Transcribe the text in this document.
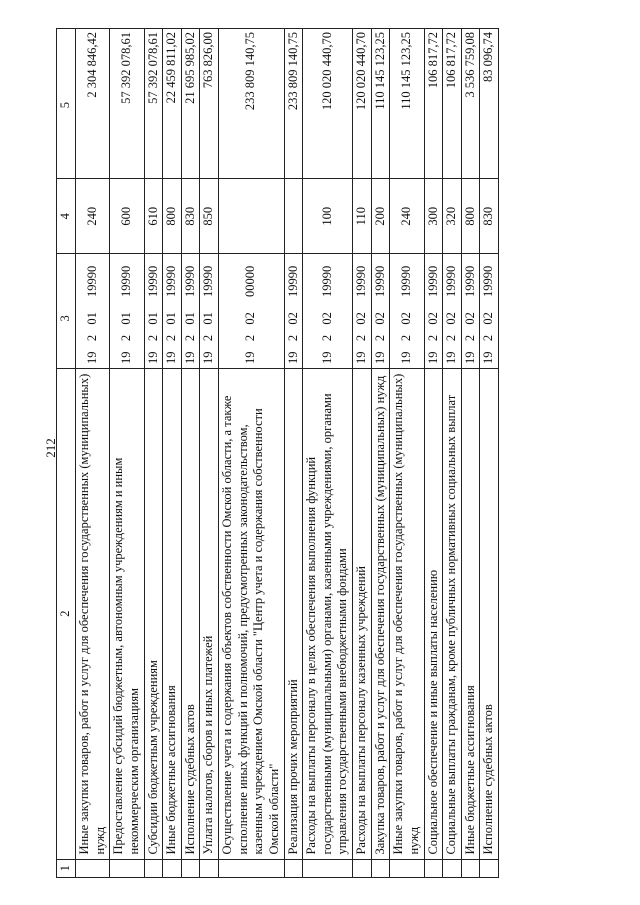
212
1	2			3		4	5
	Иные закупки товаров, работ и услуг для обеспечения государственных (муниципальных) нужд	19	2	01	19990	240	2 304 846,42
	Предоставление субсидий бюджетным, автономным учреждениям и иным некоммерческим организациям	19	2	01	19990	600	57 392 078,61
	Субсидии бюджетным учреждениям	19	2	01	19990	610	57 392 078,61
	Иные бюджетные ассигнования	19	2	01	19990	800	22 459 811,02
	Исполнение судебных актов	19	2	01	19990	830	21 695 985,02
	Уплата налогов, сборов и иных платежей	19	2	01	19990	850	763 826,00
	Осуществление учета и содержания объектов собственности Омской области, а также исполнение иных функций и полномочий, предусмотренных законодательством, казенным учреждением Омской области "Центр учета и содержания собственности Омской области"	19	2	02	00000		233 809 140,75
	Реализация прочих мероприятий	19	2	02	19990		233 809 140,75
	Расходы на выплаты персоналу в целях обеспечения выполнения функций государственными (муниципальными) органами, казенными учреждениями, органами управления государственными внебюджетными фондами	19	2	02	19990	100	120 020 440,70
	Расходы на выплаты персоналу казенных учреждений	19	2	02	19990	110	120 020 440,70
	Закупка товаров, работ и услуг для обеспечения государственных (муниципальных) нужд	19	2	02	19990	200	110 145 123,25
	Иные закупки товаров, работ и услуг для обеспечения государственных (муниципальных) нужд	19	2	02	19990	240	110 145 123,25
	Социальное обеспечение и иные выплаты населению	19	2	02	19990	300	106 817,72
	Социальные выплаты гражданам, кроме публичных нормативных социальных выплат	19	2	02	19990	320	106 817,72
	Иные бюджетные ассигнования	19	2	02	19990	800	3 536 759,08
	Исполнение судебных актов	19	2	02	19990	830	83 096,74
